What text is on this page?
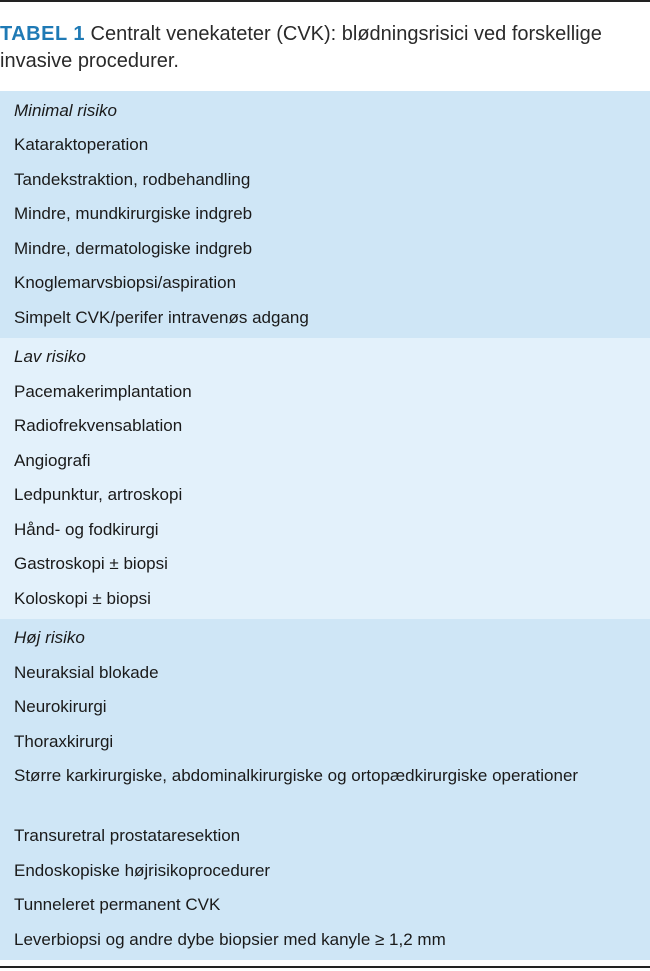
TABEL 1 Centralt venekateter (CVK): blødningsrisici ved forskellige invasive procedurer.
Minimal risiko
Kataraktoperation
Tandekstraktion, rodbehandling
Mindre, mundkirurgiske indgreb
Mindre, dermatologiske indgreb
Knoglemarvsbiopsi/aspiration
Simpelt CVK/perifer intravenøs adgang
Lav risiko
Pacemakerimplantation
Radiofrekvensablation
Angiografi
Ledpunktur, artroskopi
Hånd- og fodkirurgi
Gastroskopi ± biopsi
Koloskopi ± biopsi
Høj risiko
Neuraksial blokade
Neurokirurgi
Thoraxkirurgi
Større karkirurgiske, abdominalkirurgiske og ortopædkirurgiske operationer
Transuretral prostataresektion
Endoskopiske højrisikoprocedurer
Tunneleret permanent CVK
Leverbiopsi og andre dybe biopsier med kanyle ≥ 1,2 mm
